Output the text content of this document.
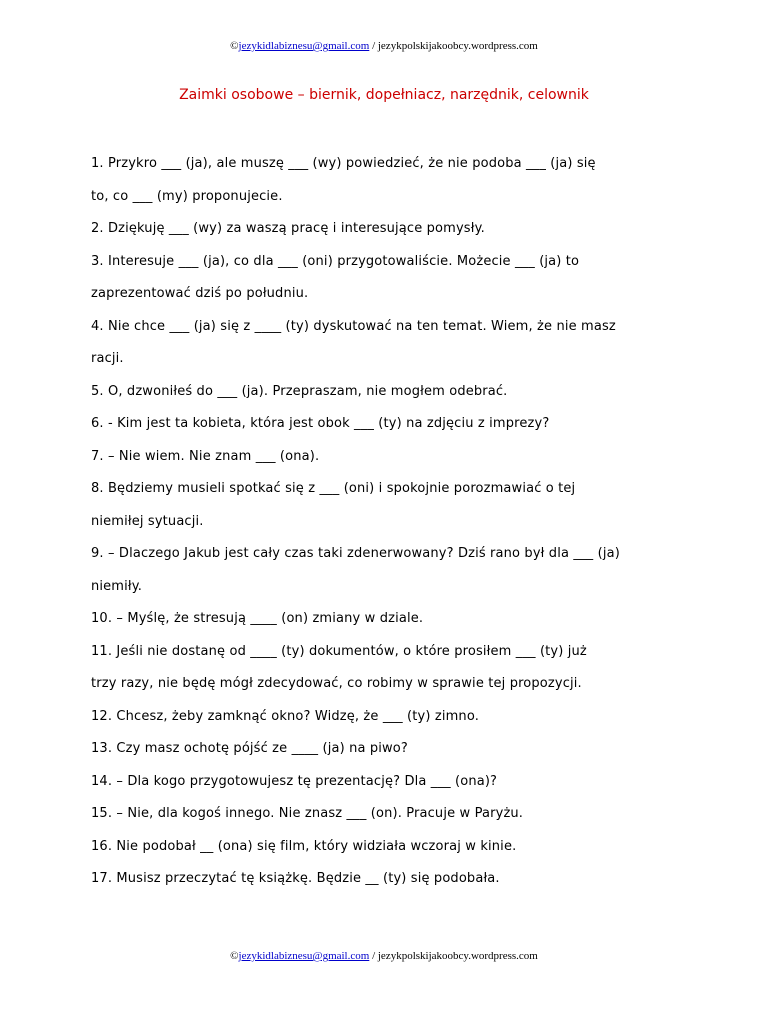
©jezykidlabiznesu@gmail.com / jezykpolskijakoobcy.wordpress.com
Zaimki osobowe – biernik, dopełniacz, narzędnik, celownik
1. Przykro ___ (ja), ale muszę ___ (wy) powiedzieć, że nie podoba ___ (ja) się
to, co ___ (my) proponujecie.
2. Dziękuję ___ (wy) za waszą pracę i interesujące pomysły.
3. Interesuje ___ (ja), co dla ___ (oni) przygotowaliście. Możecie ___ (ja) to
zaprezentować dziś po południu.
4. Nie chce ___ (ja) się z ____ (ty) dyskutować na ten temat. Wiem, że nie masz
racji.
5. O, dzwoniłeś do ___ (ja). Przepraszam, nie mogłem odebrać.
6. - Kim jest ta kobieta, która jest obok ___ (ty) na zdjęciu z imprezy?
7. – Nie wiem. Nie znam ___ (ona).
8. Będziemy musieli spotkać się z ___ (oni) i spokojnie porozmawiać o tej
niemiłej sytuacji.
9. – Dlaczego Jakub jest cały czas taki zdenerwowany? Dziś rano był dla ___ (ja)
niemiły.
10. – Myślę, że stresują ____ (on) zmiany w dziale.
11. Jeśli nie dostanę od ____ (ty) dokumentów, o które prosiłem ___ (ty) już
trzy razy, nie będę mógł zdecydować, co robimy w sprawie tej propozycji.
12. Chcesz, żeby zamknąć okno? Widzę, że ___ (ty) zimno.
13. Czy masz ochotę pójść ze ____ (ja) na piwo?
14. – Dla kogo przygotowujesz tę prezentację? Dla ___ (ona)?
15. – Nie, dla kogoś innego. Nie znasz ___ (on). Pracuje w Paryżu.
16. Nie podobał __ (ona) się film, który widziała wczoraj w kinie.
17. Musisz przeczytać tę książkę. Będzie __ (ty) się podobała.
©jezykidlabiznesu@gmail.com / jezykpolskijakoobcy.wordpress.com
